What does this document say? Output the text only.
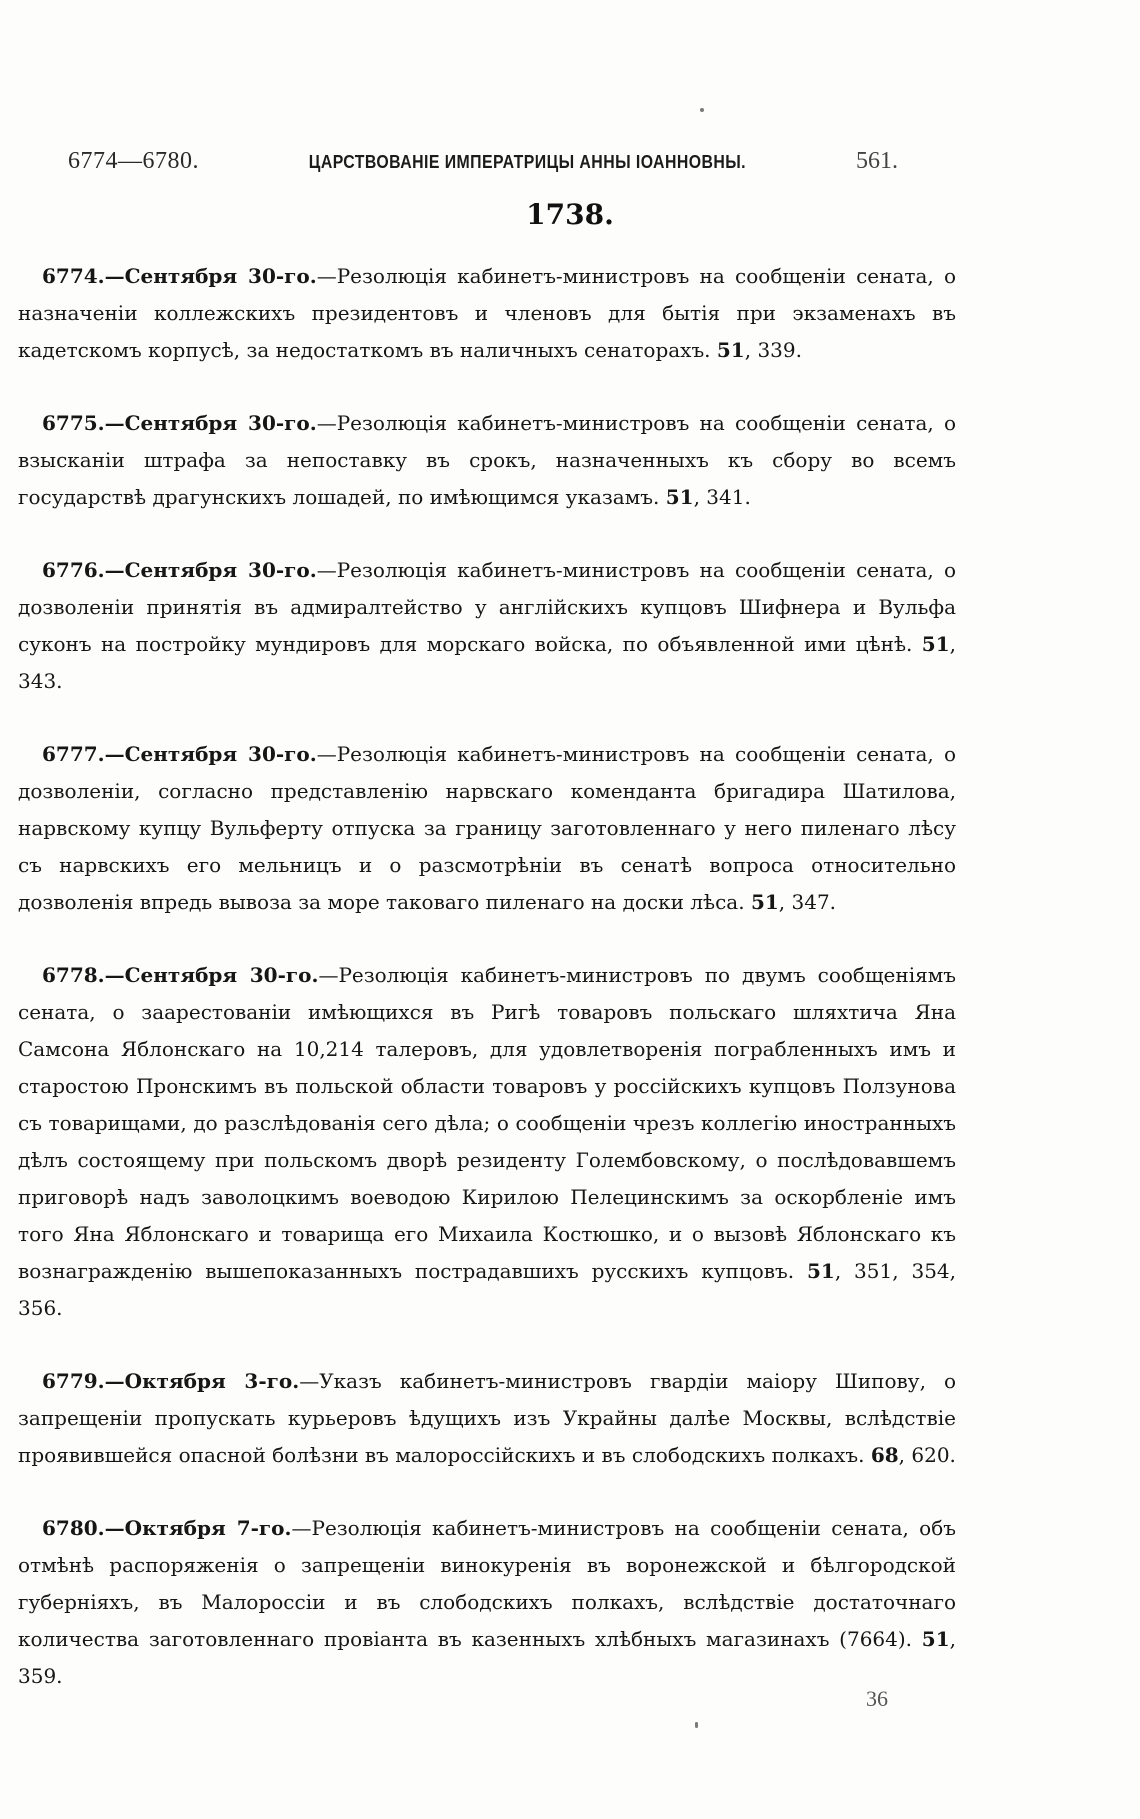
6774—6780.	ЦАРСТВОВАНІЕ ИМПЕРАТРИЦЫ АННЫ ІОАННОВНЫ.	561.
1738.

6774.—Сентября 30-го.—Резолюція кабинетъ-министровъ на сообщеніи сената, о назначеніи коллежскихъ президентовъ и членовъ для бытія при экзаменахъ въ кадетскомъ корпусѣ, за недостаткомъ въ наличныхъ сенаторахъ. 51, 339.

6775.—Сентября 30-го.—Резолюція кабинетъ-министровъ на сообщеніи сената, о взысканіи штрафа за непоставку въ срокъ, назначенныхъ къ сбору во всемъ государствѣ драгунскихъ лошадей, по имѣющимся указамъ. 51, 341.

6776.—Сентября 30-го.—Резолюція кабинетъ-министровъ на сообщеніи сената, о дозволеніи принятія въ адмиралтейство у англійскихъ купцовъ Шифнера и Вульфа суконъ на постройку мундировъ для морскаго войска, по объявленной ими цѣнѣ. 51, 343.

6777.—Сентября 30-го.—Резолюція кабинетъ-министровъ на сообщеніи сената, о дозволеніи, согласно представленію нарвскаго коменданта бригадира Шатилова, нарвскому купцу Вульферту отпуска за границу заготовленнаго у него пиленаго лѣсу съ нарвскихъ его мельницъ и о разсмотрѣніи въ сенатѣ вопроса относительно дозволенія впредь вывоза за море таковаго пиленаго на доски лѣса. 51, 347.

6778.—Сентября 30-го.—Резолюція кабинетъ-министровъ по двумъ сообщеніямъ сената, о заарестованіи имѣющихся въ Ригѣ товаровъ польскаго шляхтича Яна Самсона Яблонскаго на 10,214 талеровъ, для удовлетворенія пограбленныхъ имъ и старостою Пронскимъ въ польской области товаровъ у россійскихъ купцовъ Ползунова съ товарищами, до разслѣдованія сего дѣла; о сообщеніи чрезъ коллегію иностранныхъ дѣлъ состоящему при польскомъ дворѣ резиденту Голембовскому, о послѣдовавшемъ приговорѣ надъ заволоцкимъ воеводою Кирилою Пелецинскимъ за оскорбленіе имъ того Яна Яблонскаго и товарища его Михаила Костюшко, и о вызовѣ Яблонскаго къ вознагражденію вышепоказанныхъ пострадавшихъ русскихъ купцовъ. 51, 351, 354, 356.

6779.—Октября 3-го.—Указъ кабинетъ-министровъ гвардіи маіору Шипову, о запрещеніи пропускать курьеровъ ѣдущихъ изъ Украйны далѣе Москвы, вслѣдствіе проявившейся опасной болѣзни въ малороссійскихъ и въ слободскихъ полкахъ. 68, 620.

6780.—Октября 7-го.—Резолюція кабинетъ-министровъ на сообщеніи сената, объ отмѣнѣ распоряженія о запрещеніи винокуренія въ воронежской и бѣлгородской губерніяхъ, въ Малороссіи и въ слободскихъ полкахъ, вслѣдствіе достаточнаго количества заготовленнаго провіанта въ казенныхъ хлѣбныхъ магазинахъ (7664). 51, 359.

36
